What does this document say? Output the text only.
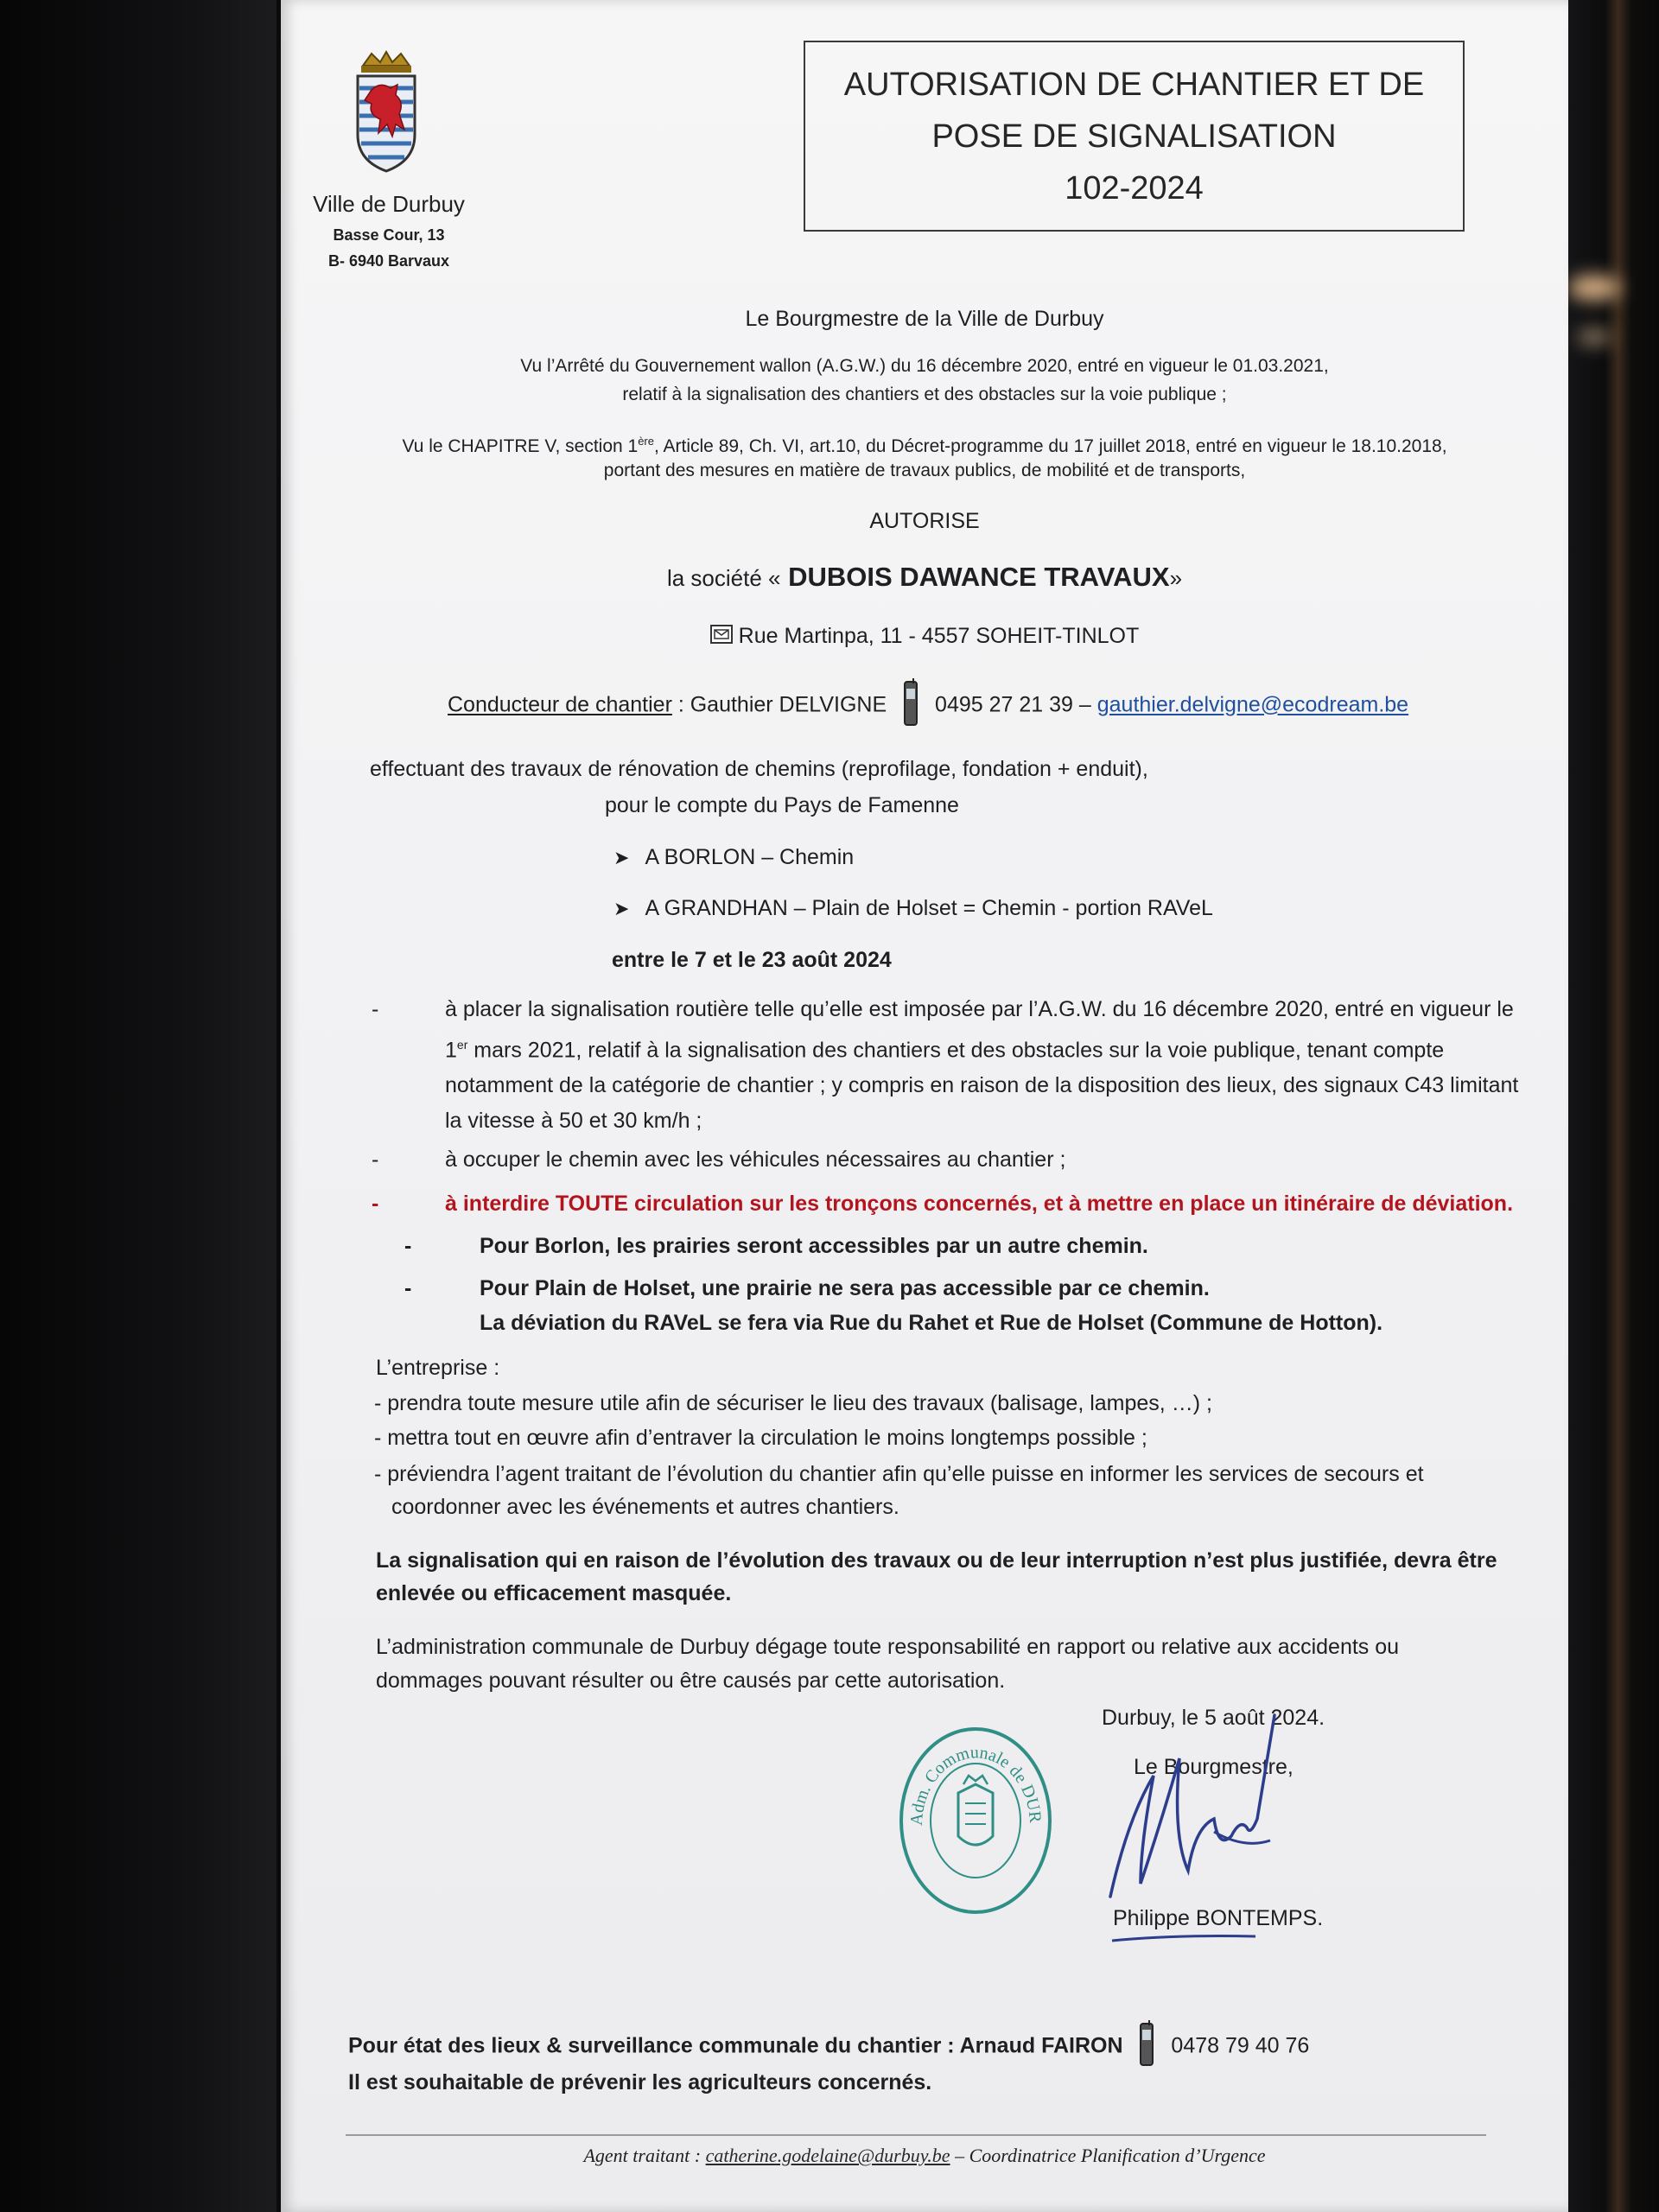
Ville de Durbuy
Basse Cour, 13
B- 6940 Barvaux
AUTORISATION DE CHANTIER ET DE
POSE DE SIGNALISATION
102-2024
Le Bourgmestre de la Ville de Durbuy
Vu l’Arrêté du Gouvernement wallon (A.G.W.) du 16 décembre 2020, entré en vigueur le 01.03.2021,
relatif à la signalisation des chantiers et des obstacles sur la voie publique ;
Vu le CHAPITRE V, section 1ère, Article 89, Ch. VI, art.10, du Décret-programme du 17 juillet 2018, entré en vigueur le 18.10.2018,
portant des mesures en matière de travaux publics, de mobilité et de transports,
AUTORISE
la société « DUBOIS DAWANCE TRAVAUX»
Rue Martinpa, 11 - 4557 SOHEIT-TINLOT
Conducteur de chantier : Gauthier DELVIGNE 0495 27 21 39 – gauthier.delvigne@ecodream.be
effectuant des travaux de rénovation de chemins (reprofilage, fondation + enduit),
pour le compte du Pays de Famenne
➤ A BORLON – Chemin
➤ A GRANDHAN – Plain de Holset = Chemin - portion RAVeL
entre le 7 et le 23 août 2024
-	à placer la signalisation routière telle qu’elle est imposée par l’A.G.W. du 16 décembre 2020, entré en vigueur le
1er mars 2021, relatif à la signalisation des chantiers et des obstacles sur la voie publique, tenant compte
notamment de la catégorie de chantier ; y compris en raison de la disposition des lieux, des signaux C43 limitant
la vitesse à 50 et 30 km/h ;
-	à occuper le chemin avec les véhicules nécessaires au chantier ;
-	à interdire TOUTE circulation sur les tronçons concernés, et à mettre en place un itinéraire de déviation.
-	Pour Borlon, les prairies seront accessibles par un autre chemin.
-	Pour Plain de Holset, une prairie ne sera pas accessible par ce chemin.
La déviation du RAVeL se fera via Rue du Rahet et Rue de Holset (Commune de Hotton).
L’entreprise :
- prendra toute mesure utile afin de sécuriser le lieu des travaux (balisage, lampes, …) ;
- mettra tout en œuvre afin d’entraver la circulation le moins longtemps possible ;
- préviendra l’agent traitant de l’évolution du chantier afin qu’elle puisse en informer les services de secours et
coordonner avec les événements et autres chantiers.
La signalisation qui en raison de l’évolution des travaux ou de leur interruption n’est plus justifiée, devra être
enlevée ou efficacement masquée.
L’administration communale de Durbuy dégage toute responsabilité en rapport ou relative aux accidents ou
dommages pouvant résulter ou être causés par cette autorisation.
Durbuy, le 5 août 2024.
Le Bourgmestre,
Adm. Communale de DUR
Philippe BONTEMPS.
Pour état des lieux & surveillance communale du chantier : Arnaud FAIRON 0478 79 40 76
Il est souhaitable de prévenir les agriculteurs concernés.
Agent traitant : catherine.godelaine@durbuy.be – Coordinatrice Planification d’Urgence
